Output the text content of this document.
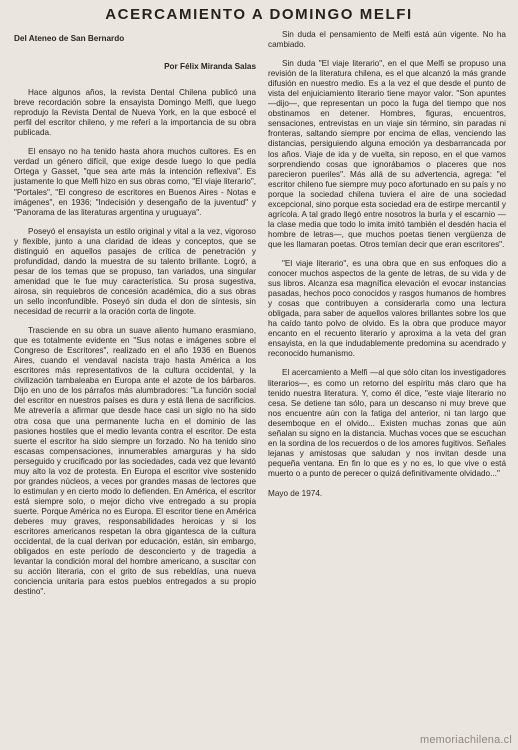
ACERCAMIENTO A DOMINGO MELFI
Del Ateneo de San Bernardo
Por Félix Miranda Salas

Hace algunos años, la revista Dental Chilena publicó una breve recordación sobre la ensayista Domingo Melfi, que luego reprodujo la Revista Dental de Nueva York, en la que esbocé el perfil del escritor chileno, y me referí a la importancia de su obra publicada.

El ensayo no ha tenido hasta ahora muchos cultores. Es en verdad un género difícil, que exige desde luego lo que pedía Ortega y Gasset, "que sea arte más la intención reflexiva". Es justamente lo que Melfi hizo en sus obras como, "El viaje literario", "Portales", "El congreso de escritores en Buenos Aires - Notas e imágenes", en 1936; "Indecisión y desengaño de la juventud" y "Panorama de las literaturas argentina y uruguaya".

Poseyó el ensayista un estilo original y vital a la vez, vigoroso y flexible, junto a una claridad de ideas y conceptos, que se distinguió en aquellos pasajes de crítica de penetración y profundidad, dando la muestra de su talento brillante. Logró, a pesar de los temas que se propuso, tan variados, una singular amenidad que le fue muy característica. Su prosa sugestiva, airosa, sin requiebros de concesión académica, dio a sus obras un sello inconfundible. Poseyó sin duda el don de síntesis, sin necesidad de recurrir a la oración corta de lingote.

Trasciende en su obra un suave aliento humano erasmiano, que es totalmente evidente en "Sus notas e imágenes sobre el Congreso de Escritores", realizado en el año 1936 en Buenos Aires, cuando el vendaval nacista trajo hasta América a los escritores más representativos de la cultura occidental, y la civilización tambaleaba en Europa ante el azote de los bárbaros. Dijo en uno de los párrafos más alumbradores: "La función social del escritor en nuestros países es dura y está llena de sacrificios. Me atrevería a afirmar que desde hace casi un siglo no ha sido otra cosa que una permanente lucha en el dominio de las pasiones hostiles que el medio levanta contra el escritor. De esta suerte el escritor ha sido siempre un forzado. No ha tenido sino escasas compensaciones, innumerables amarguras y ha sido perseguido y crucificado por las sociedades, cada vez que levantó muy alto la voz de protesta. En Europa el escritor vive sostenido por grandes núcleos, a veces por grandes masas de lectores que lo estimulan y en cierto modo lo defienden. En América, el escritor está siempre solo, o mejor dicho vive entregado a su propia suerte. Porque América no es Europa. El escritor tiene en América deberes muy graves, responsabilidades heroicas y si los escritores americanos respetan la obra gigantesca de la cultura occidental, de la cual derivan por educación, están, sin embargo, obligados en este período de desconcierto y de tragedia a levantar la condición moral del hombre americano, a suscitar con su acción literaria, con el grito de sus rebeldías, una nueva conciencia unitaria para estos pueblos entregados a su propio destino".

Sin duda el pensamiento de Melfi está aún vigente. No ha cambiado.

Sin duda "El viaje literario", en el que Melfi se propuso una revisión de la literatura chilena, es el que alcanzó la más grande difusión en nuestro medio. Es a la vez el que desde el punto de vista del enjuiciamiento literario tiene mayor valor. "Son apuntes —dijo—, que representan un poco la fuga del tiempo que nos obstinamos en detener. Hombres, figuras, encuentros, sensaciones, entrevistas en un viaje sin término, sin paradas ni fronteras, saltando siempre por encima de ellas, venciendo las distancias, persiguiendo alguna emoción ya desbarrancada por los años. Viaje de ida y de vuelta, sin reposo, en el que vamos sorprendiendo cosas que ignorábamos o placeres que nos parecieron pueriles". Más allá de su advertencia, agrega: "el escritor chileno fue siempre muy poco afortunado en su país y no porque la sociedad chilena tuviera el aire de una sociedad excepcional, sino porque esta sociedad era de estirpe mercantil y agrícola. A tal grado llegó entre nosotros la burla y el escarnio —la clase media que todo lo imita imitó también el desdén hacia el hombre de letras—, que muchos poetas tienen vergüenza de que les llamaran poetas. Otros temían decir que eran escritores".

"El viaje literario", es una obra que en sus enfoques dio a conocer muchos aspectos de la gente de letras, de su vida y de sus libros. Alcanza esa magnífica elevación el evocar instancias pasadas, hechos poco conocidos y rasgos humanos de hombres y cosas que contribuyen a considerarla como una lectura obligada, para saber de aquellos valores brillantes sobre los que ha caído tanto polvo de olvido. Es la obra que produce mayor encanto en el recuento literario y aproxima a la veta del gran ensayista, en la que indudablemente predomina su acendrado y reconocido humanismo.

El acercamiento a Melfi —al que sólo citan los investigadores literarios—, es como un retorno del espíritu más claro que ha tenido nuestra literatura. Y, como él dice, "este viaje literario no cesa. Se detiene tan sólo, para un descanso ni muy breve que nos encuentre aún con la fatiga del anterior, ni tan largo que desemboque en el olvido... Existen muchas zonas que aún señalan su signo en la distancia. Muchas voces que se escuchan en la sordina de los recuerdos o de los amores fugitivos. Señales lejanas y amistosas que saludan y nos invitan desde una pequeña ventana. En fin lo que es y no es, lo que vive o está muerto o a punto de perecer o quizá definitivamente olvidado..."

Mayo de 1974.

memoriachilena.cl
